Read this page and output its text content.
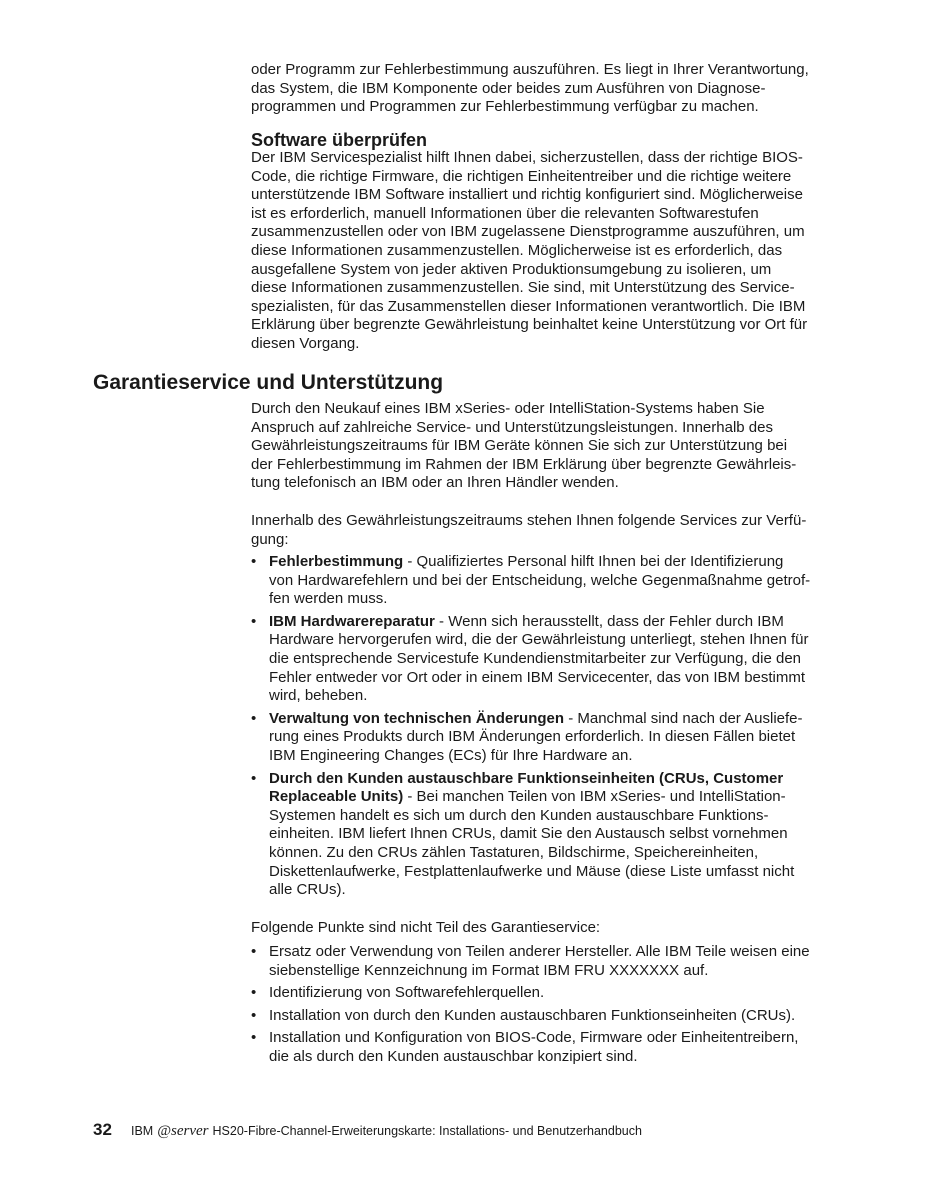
oder Programm zur Fehlerbestimmung auszuführen. Es liegt in Ihrer Verantwortung,
das System, die IBM Komponente oder beides zum Ausführen von Diagnose-
programmen und Programmen zur Fehlerbestimmung verfügbar zu machen.

Software überprüfen

Der IBM Servicespezialist hilft Ihnen dabei, sicherzustellen, dass der richtige BIOS-
Code, die richtige Firmware, die richtigen Einheitentreiber und die richtige weitere
unterstützende IBM Software installiert und richtig konfiguriert sind. Möglicherweise
ist es erforderlich, manuell Informationen über die relevanten Softwarestufen
zusammenzustellen oder von IBM zugelassene Dienstprogramme auszuführen, um
diese Informationen zusammenzustellen. Möglicherweise ist es erforderlich, das
ausgefallene System von jeder aktiven Produktionsumgebung zu isolieren, um
diese Informationen zusammenzustellen. Sie sind, mit Unterstützung des Service-
spezialisten, für das Zusammenstellen dieser Informationen verantwortlich. Die IBM
Erklärung über begrenzte Gewährleistung beinhaltet keine Unterstützung vor Ort für
diesen Vorgang.

Garantieservice und Unterstützung

Durch den Neukauf eines IBM xSeries- oder IntelliStation-Systems haben Sie
Anspruch auf zahlreiche Service- und Unterstützungsleistungen. Innerhalb des
Gewährleistungszeitraums für IBM Geräte können Sie sich zur Unterstützung bei
der Fehlerbestimmung im Rahmen der IBM Erklärung über begrenzte Gewährleis-
tung telefonisch an IBM oder an Ihren Händler wenden.

Innerhalb des Gewährleistungszeitraums stehen Ihnen folgende Services zur Verfü-
gung:

• Fehlerbestimmung - Qualifiziertes Personal hilft Ihnen bei der Identifizierung
von Hardwarefehlern und bei der Entscheidung, welche Gegenmaßnahme getrof-
fen werden muss.
• IBM Hardwarereparatur - Wenn sich herausstellt, dass der Fehler durch IBM
Hardware hervorgerufen wird, die der Gewährleistung unterliegt, stehen Ihnen für
die entsprechende Servicestufe Kundendienstmitarbeiter zur Verfügung, die den
Fehler entweder vor Ort oder in einem IBM Servicecenter, das von IBM bestimmt
wird, beheben.
• Verwaltung von technischen Änderungen - Manchmal sind nach der Ausliefe-
rung eines Produkts durch IBM Änderungen erforderlich. In diesen Fällen bietet
IBM Engineering Changes (ECs) für Ihre Hardware an.
• Durch den Kunden austauschbare Funktionseinheiten (CRUs, Customer
Replaceable Units) - Bei manchen Teilen von IBM xSeries- und IntelliStation-
Systemen handelt es sich um durch den Kunden austauschbare Funktions-
einheiten. IBM liefert Ihnen CRUs, damit Sie den Austausch selbst vornehmen
können. Zu den CRUs zählen Tastaturen, Bildschirme, Speichereinheiten,
Diskettenlaufwerke, Festplattenlaufwerke und Mäuse (diese Liste umfasst nicht
alle CRUs).

Folgende Punkte sind nicht Teil des Garantieservice:

• Ersatz oder Verwendung von Teilen anderer Hersteller. Alle IBM Teile weisen eine
siebenstellige Kennzeichnung im Format IBM FRU XXXXXXX auf.
• Identifizierung von Softwarefehlerquellen.
• Installation von durch den Kunden austauschbaren Funktionseinheiten (CRUs).
• Installation und Konfiguration von BIOS-Code, Firmware oder Einheitentreibern,
die als durch den Kunden austauschbar konzipiert sind.
32	IBM @server HS20-Fibre-Channel-Erweiterungskarte: Installations- und Benutzerhandbuch
